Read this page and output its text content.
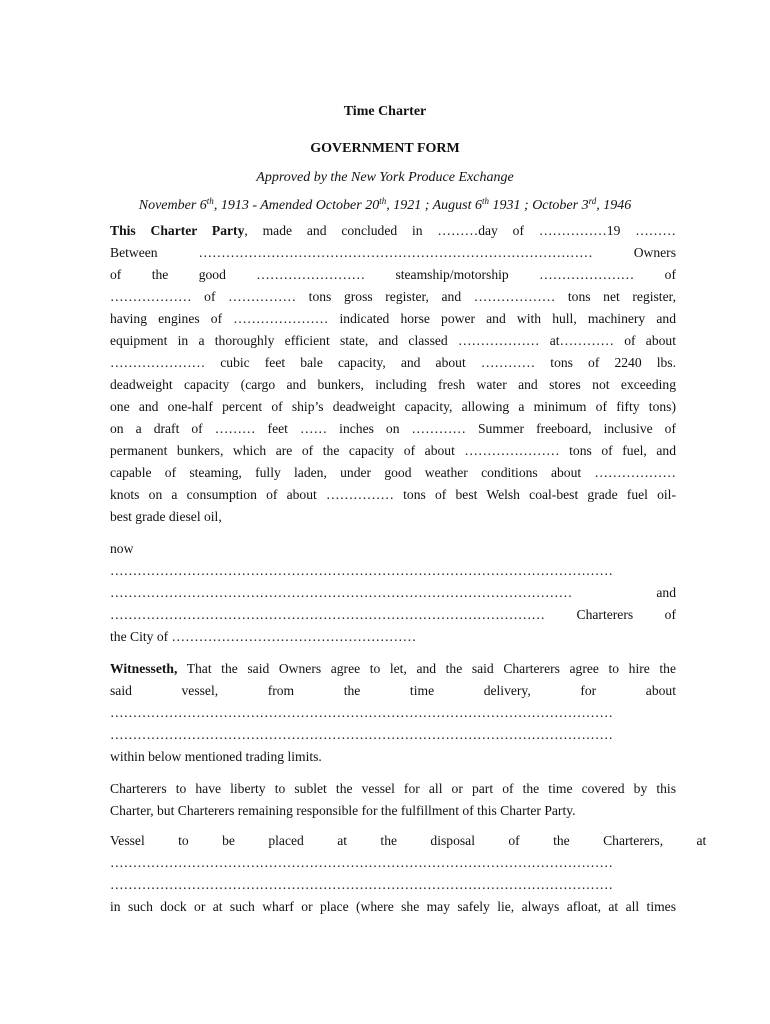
Time Charter
GOVERNMENT FORM
Approved by the New York Produce Exchange
November 6th, 1913 - Amended October 20th, 1921 ; August 6th 1931 ; October 3rd, 1946
This Charter Party, made and concluded in ………day of ……………19 ………
Between …………………………………………………………………………… Owners
of the good …………………… steamship/motorship ………………… of
……………… of …………… tons gross register, and ……………… tons net register,
having engines of ………………… indicated horse power and with hull, machinery and
equipment in a thoroughly efficient state, and classed ……………… at………… of about
………………… cubic feet bale capacity, and about ………… tons of 2240 lbs.
deadweight capacity (cargo and bunkers, including fresh water and stores not exceeding
one and one-half percent of ship’s deadweight capacity, allowing a minimum of fifty tons)
on a draft of ……… feet …… inches on ………… Summer freeboard, inclusive of
permanent bunkers, which are of the capacity of about ………………… tons of fuel, and
capable of steaming, fully laden, under good weather conditions about ………………
knots on a consumption of about …………… tons of best Welsh coal-best grade fuel oil-
best grade diesel oil,
now
…………………………………………………………………………………………………
………………………………………………………………………………………… and
…………………………………………………………………………………… Charterers of
the City of ………………………………………………
Witnesseth, That the said Owners agree to let, and the said Charterers agree to hire the
said vessel, from the time delivery, for about
…………………………………………………………………………………………………
…………………………………………………………………………………………………
within below mentioned trading limits.
Charterers to have liberty to sublet the vessel for all or part of the time covered by this
Charter, but Charterers remaining responsible for the fulfillment of this Charter Party.
Vessel to be placed at the disposal of the Charterers, at
…………………………………………………………………………………………………
…………………………………………………………………………………………………
in such dock or at such wharf or place (where she may safely lie, always afloat, at all times
